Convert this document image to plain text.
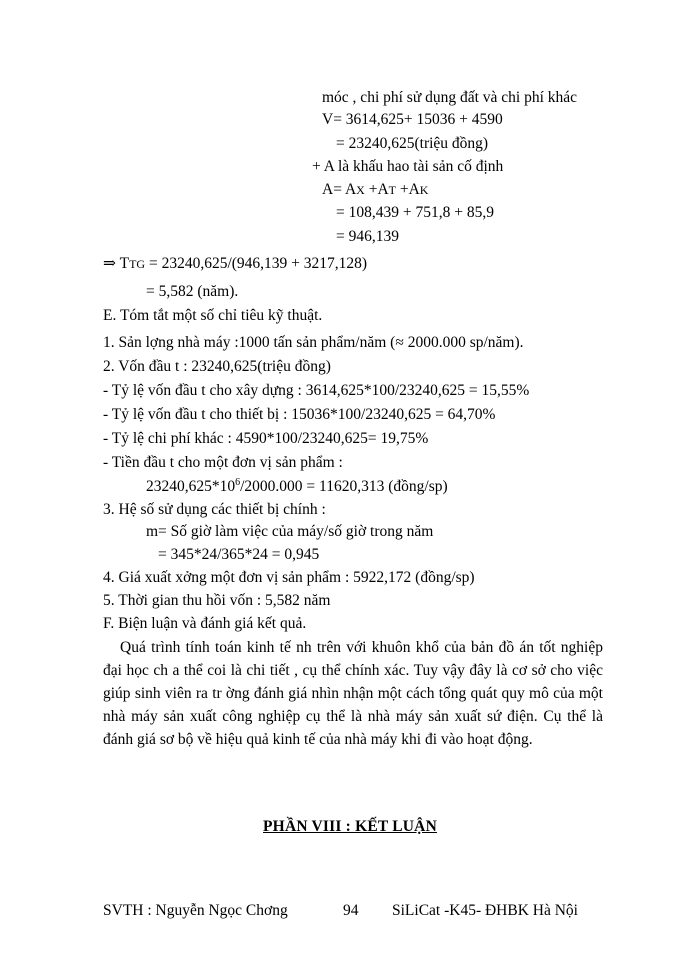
móc , chi phí sử dụng đất và chi phí khác
V= 3614,625+ 15036 + 4590
= 23240,625(triệu đồng)
+ A là khấu hao tài sản cố định
A= AX +AT +AK
= 108,439 + 751,8 + 85,9
= 946,139
⇒ TTG = 23240,625/(946,139 + 3217,128)
= 5,582 (năm).
E. Tóm tắt một số chỉ tiêu kỹ thuật.
1. Sản lợng nhà máy :1000 tấn sản phẩm/năm (≈ 2000.000 sp/năm).
2. Vốn đầu t : 23240,625(triệu đồng)
- Tỷ lệ vốn đầu t cho xây dựng : 3614,625*100/23240,625 = 15,55%
- Tỷ lệ vốn đầu t cho thiết bị : 15036*100/23240,625 = 64,70%
- Tỷ lệ chi phí khác : 4590*100/23240,625= 19,75%
- Tiền đầu t cho một đơn vị sản phẩm :
$23240,625*10^6/2000.000 = 11620,313$ (đồng/sp)
3. Hệ số sử dụng các thiết bị chính :
m= Số giờ làm việc của máy/số giờ trong năm
= 345*24/365*24 = 0,945
4. Giá xuất xởng một đơn vị sản phẩm : 5922,172 (đồng/sp)
5. Thời gian thu hồi vốn : 5,582 năm
F. Biện luận và đánh giá kết quả.
Quá trình tính toán kinh tế nh trên với khuôn khổ của bản đồ án tốt nghiệp đại học ch a thể coi là chi tiết , cụ thể chính xác. Tuy vậy đây là cơ sở cho việc giúp sinh viên ra tr ờng đánh giá nhìn nhận một cách tổng quát quy mô của một nhà máy sản xuất công nghiệp cụ thể là nhà máy sản xuất sứ điện. Cụ thể là đánh giá sơ bộ về hiệu quả kinh tế của nhà máy khi đi vào hoạt động.
PHẦN VIII : KẾT LUẬN
SVTH : Nguyễn Ngọc Chơng	94 SiLiCat -K45- ĐHBK Hà Nội
